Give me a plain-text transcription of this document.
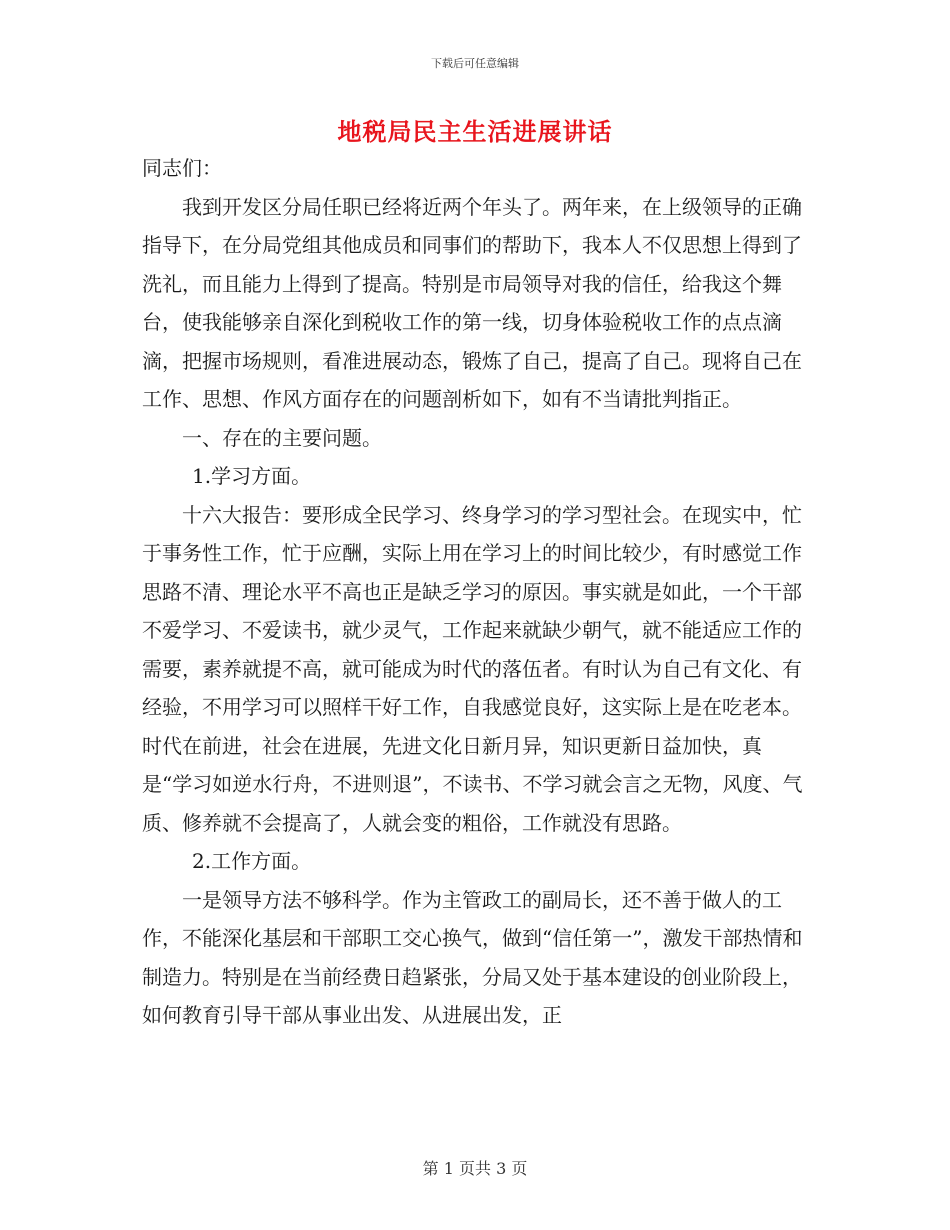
下载后可任意编辑
地税局民主生活进展讲话

同志们：

我到开发区分局任职已经将近两个年头了。两年来，在上级领导的正确指导下，在分局党组其他成员和同事们的帮助下，我本人不仅思想上得到了洗礼，而且能力上得到了提高。特别是市局领导对我的信任，给我这个舞台，使我能够亲自深化到税收工作的第一线，切身体验税收工作的点点滴滴，把握市场规则，看准进展动态，锻炼了自己，提高了自己。现将自己在工作、思想、作风方面存在的问题剖析如下，如有不当请批判指正。

一、存在的主要问题。

1.学习方面。

十六大报告：要形成全民学习、终身学习的学习型社会。在现实中，忙于事务性工作，忙于应酬，实际上用在学习上的时间比较少，有时感觉工作思路不清、理论水平不高也正是缺乏学习的原因。事实就是如此，一个干部不爱学习、不爱读书，就少灵气，工作起来就缺少朝气，就不能适应工作的需要，素养就提不高，就可能成为时代的落伍者。有时认为自己有文化、有经验，不用学习可以照样干好工作，自我感觉良好，这实际上是在吃老本。时代在前进，社会在进展，先进文化日新月异，知识更新日益加快，真是“学习如逆水行舟，不进则退”，不读书、不学习就会言之无物，风度、气质、修养就不会提高了，人就会变的粗俗，工作就没有思路。

2.工作方面。

一是领导方法不够科学。作为主管政工的副局长，还不善于做人的工作，不能深化基层和干部职工交心换气，做到“信任第一”，激发干部热情和制造力。特别是在当前经费日趋紧张，分局又处于基本建设的创业阶段上，如何教育引导干部从事业出发、从进展出发，正

第 1 页共 3 页
